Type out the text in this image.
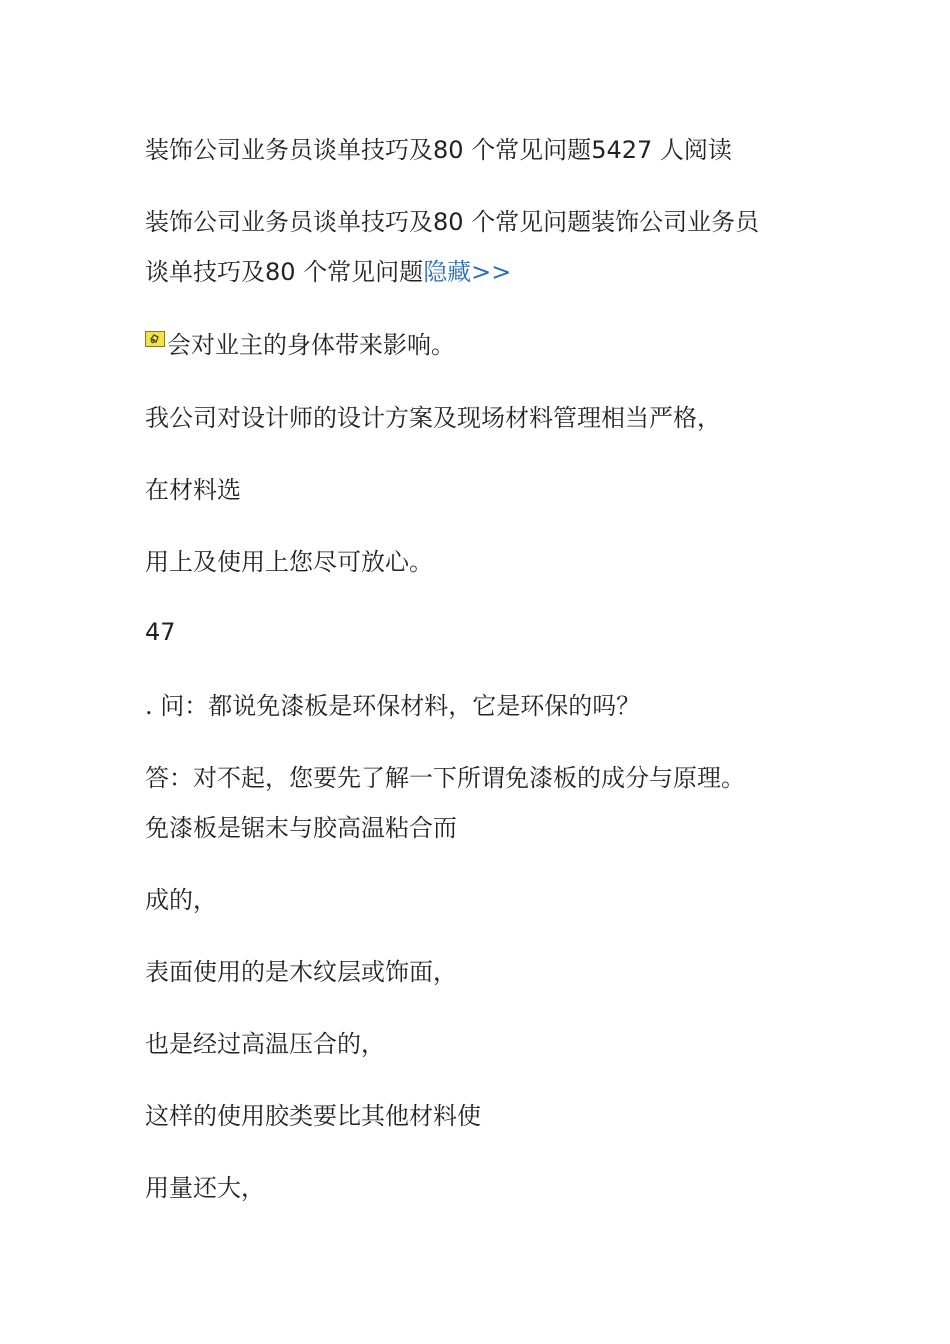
装饰公司业务员谈单技巧及80 个常见问题5427 人阅读
装饰公司业务员谈单技巧及80 个常见问题装饰公司业务员
谈单技巧及80 个常见问题隐藏>>
会对业主的身体带来影响。
我公司对设计师的设计方案及现场材料管理相当严格，
在材料选
用上及使用上您尽可放心。
47
. 问：都说免漆板是环保材料，它是环保的吗？
答：对不起，您要先了解一下所谓免漆板的成分与原理。
免漆板是锯末与胶高温粘合而
成的，
表面使用的是木纹层或饰面，
也是经过高温压合的，
这样的使用胶类要比其他材料使
用量还大，
